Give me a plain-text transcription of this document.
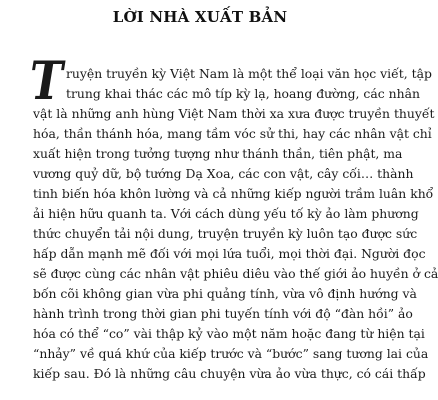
LỜI NHÀ XUẤT BẢN
T ruyện truyền kỳ Việt Nam là một thể loại văn học viết, tập
trung khai thác các mô típ kỳ lạ, hoang đường, các nhân
vật là những anh hùng Việt Nam thời xa xưa được truyền thuyết
hóa, thần thánh hóa, mang tầm vóc sử thi, hay các nhân vật chỉ
xuất hiện trong tưởng tượng như thánh thần, tiên phật, ma
vương quỷ dữ, bộ tướng Dạ Xoa, các con vật, cây cối… thành
tinh biến hóa khôn lường và cả những kiếp người trầm luân khổ
ải hiện hữu quanh ta. Với cách dùng yếu tố kỳ ảo làm phương
thức chuyển tải nội dung, truyện truyền kỳ luôn tạo được sức
hấp dẫn mạnh mẽ đối với mọi lứa tuổi, mọi thời đại. Người đọc
sẽ được cùng các nhân vật phiêu diêu vào thế giới ảo huyền ở cả
bốn cõi không gian vừa phi quảng tính, vừa vô định hướng và
hành trình trong thời gian phi tuyến tính với độ “đàn hồi” ảo
hóa có thể “co” vài thập kỷ vào một năm hoặc đang từ hiện tại
“nhảy” về quá khứ của kiếp trước và “bước” sang tương lai của
kiếp sau. Đó là những câu chuyện vừa ảo vừa thực, có cái thấp
